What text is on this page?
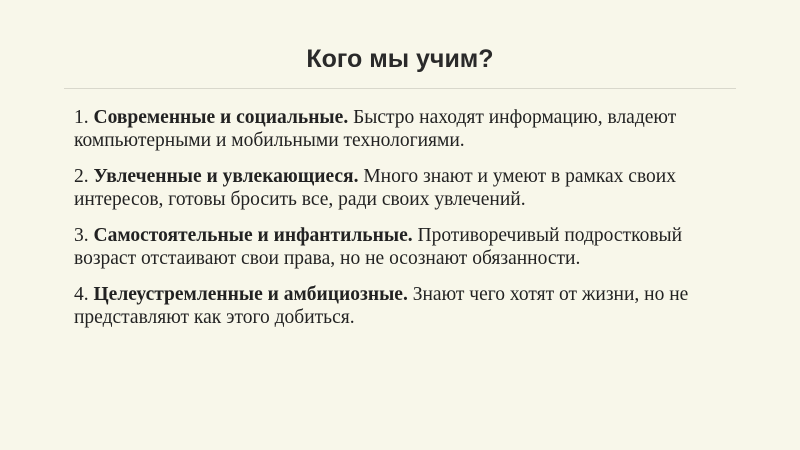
Кого мы учим?

1. Современные и социальные. Быстро находят информацию, владеют компьютерными и мобильными технологиями.

2. Увлеченные и увлекающиеся. Много знают и умеют в рамках своих интересов, готовы бросить все, ради своих увлечений.

3. Самостоятельные и инфантильные. Противоречивый подростковый возраст отстаивают свои права, но не осознают обязанности.

4. Целеустремленные и амбициозные. Знают чего хотят от жизни, но не представляют как этого добиться.
